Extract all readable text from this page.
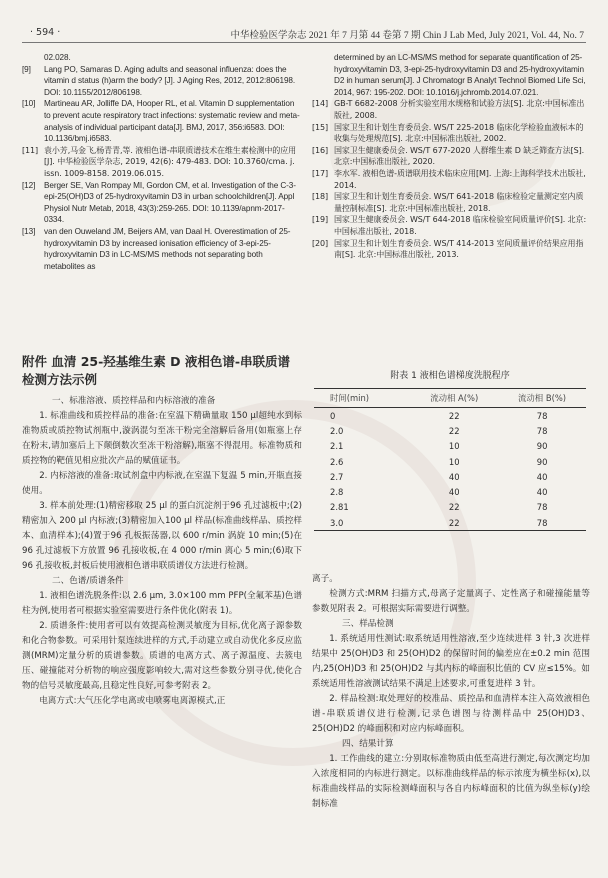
· 594 ·	中华检验医学杂志 2021 年 7 月第 44 卷第 7 期 Chin J Lab Med, July 2021, Vol. 44, No. 7
02.028.
[9] Lang PO, Samaras D. Aging adults and seasonal influenza: does the vitamin d status (h)arm the body? [J]. J Aging Res, 2012, 2012:806198. DOI: 10.1155/2012/806198.
[10] Martineau AR, Jolliffe DA, Hooper RL, et al. Vitamin D supplementation to prevent acute respiratory tract infections: systematic review and meta-analysis of individual participant data[J]. BMJ, 2017, 356:i6583. DOI: 10.1136/bmj.i6583.
[11] 袁小芳,马金飞,杨青青,等. 液相色谱-串联质谱技术在维生素检测中的应用[J]. 中华检验医学杂志, 2019, 42(6): 479-483. DOI: 10.3760/cma. j. issn. 1009-8158. 2019.06.015.
[12] Berger SE, Van Rompay MI, Gordon CM, et al. Investigation of the C-3-epi-25(OH)D3 of 25-hydroxyvitamin D3 in urban schoolchildren[J]. Appl Physiol Nutr Metab, 2018, 43(3):259-265. DOI: 10.1139/apnm-2017-0334.
[13] van den Ouweland JM, Beijers AM, van Daal H. Overestimation of 25-hydroxyvitamin D3 by increased ionisation efficiency of 3-epi-25-hydroxyvitamin D3 in LC-MS/MS methods not separating both metabolites as
determined by an LC-MS/MS method for separate quantification of 25-hydroxyvitamin D3, 3-epi-25-hydroxyvitamin D3 and 25-hydroxyvitamin D2 in human serum[J]. J Chromatogr B Analyt Technol Biomed Life Sci, 2014, 967: 195-202. DOI: 10.1016/j.jchromb.2014.07.021.
[14] GB-T 6682-2008 分析实验室用水规格和试验方法[S]. 北京:中国标准出版社, 2008.
[15] 国家卫生和计划生育委员会. WS/T 225-2018 临床化学检验血液标本的收集与处理规范[S]. 北京:中国标准出版社, 2002.
[16] 国家卫生健康委员会. WS/T 677-2020 人群维生素 D 缺乏筛查方法[S]. 北京:中国标准出版社, 2020.
[17] 李水军. 液相色谱-质谱联用技术临床应用[M]. 上海:上海科学技术出版社, 2014.
[18] 国家卫生和计划生育委员会. WS/T 641-2018 临床检验定量测定室内质量控制标准[S]. 北京:中国标准出版社, 2018.
[19] 国家卫生健康委员会. WS/T 644-2018 临床检验室间质量评价[S]. 北京:中国标准出版社, 2018.
[20] 国家卫生和计划生育委员会. WS/T 414-2013 室间质量评价结果应用指南[S]. 北京:中国标准出版社, 2013.
附件 血清 25-羟基维生素 D 液相色谱-串联质谱
检测方法示例
一、标准溶液、质控样品和内标溶液的准备
1. 标准曲线和质控样品的准备:在室温下精确量取 150 μl超纯水到标准物质或质控物试剂瓶中,漩涡混匀至冻干粉完全溶解后备用(如瓶塞上存在粉末,请加塞后上下颠倒数次至冻干粉溶解),瓶塞不得混用。标准物质和质控物的靶值见相应批次产品的赋值证书。
2. 内标溶液的准备:取试剂盒中内标液,在室温下复温 5 min,开瓶直接使用。
3. 样本前处理:(1)精密移取 25 μl 的蛋白沉淀剂于96 孔过滤板中;(2)精密加入 200 μl 内标液;(3)精密加入100 μl 样品(标准曲线样品、质控样本、血清样本);(4)置于96 孔板振荡器,以 600 r/min 涡旋 10 min;(5)在 96 孔过滤板下方放置 96 孔接收板,在 4 000 r/min 离心 5 min;(6)取下96 孔接收板,封板后使用液相色谱串联质谱仪方法进行检测。
二、色谱/质谱条件
1. 液相色谱洗脱条件:以 2.6 μm, 3.0×100 mm PFP(全氟苯基)色谱柱为例,使用者可根据实验室需要进行条件优化(附表 1)。
2. 质谱条件:使用者可以有效提高检测灵敏度为目标,优化离子源参数和化合物参数。可采用针泵连续进样的方式,手动建立或自动优化多反应监测(MRM)定量分析的质谱参数。质谱的电离方式、离子源温度、去簇电压、碰撞能对分析物的响应强度影响较大,需对这些参数分别寻优,使化合物的信号灵敏度最高,且稳定性良好,可参考附表 2。
电离方式:大气压化学电离或电喷雾电离源模式,正
附表 1 液相色谱梯度洗脱程序
时间(min)	流动相 A(%)	流动相 B(%)
0	22	78
2.0	22	78
2.1	10	90
2.6	10	90
2.7	40	40
2.8	40	40
2.81	22	78
3.0	22	78
离子。
检测方式:MRM 扫描方式,母离子定量离子、定性离子和碰撞能量等参数见附表 2。可根据实际需要进行调整。
三、样品检测
1. 系统适用性测试:取系统适用性溶液,至少连续进样 3 针,3 次进样结果中 25(OH)D3 和 25(OH)D2 的保留时间的偏差应在±0.2 min 范围内,25(OH)D3 和 25(OH)D2 与其内标的峰面积比值的 CV 应≤15%。如系统适用性溶液测试结果不满足上述要求,可重复进样 3 针。
2. 样品检测:取处理好的校准品、质控品和血清样本注入高效液相色谱-串联质谱仪进行检测,记录色谱图与待测样品中 25(OH)D3、25(OH)D2 的峰面积和对应内标峰面积。
四、结果计算
1. 工作曲线的建立:分别取标准物质由低至高进行测定,每次测定均加入浓度相同的内标进行测定。以标准曲线样品的标示浓度为横坐标(x),以标准曲线样品的实际检测峰面积与各自内标峰面积的比值为纵坐标(y)绘制标准
